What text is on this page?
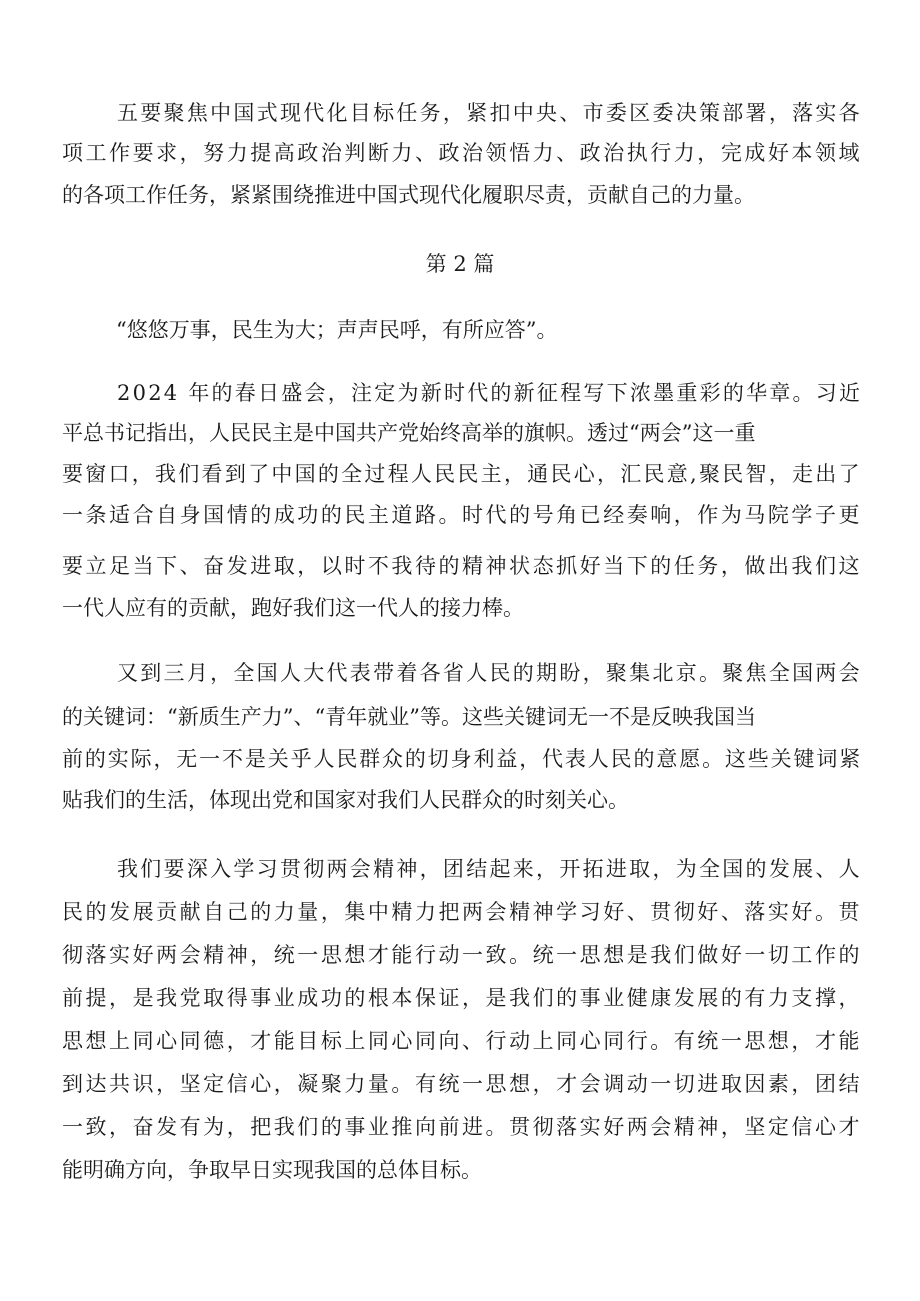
五要聚焦中国式现代化目标任务，紧扣中央、市委区委决策部署，落实各
项工作要求，努力提高政治判断力、政治领悟力、政治执行力，完成好本领域
的各项工作任务，紧紧围绕推进中国式现代化履职尽责，贡献自己的力量。
第 2 篇
“悠悠万事，民生为大；声声民呼，有所应答”。
2024 年的春日盛会，注定为新时代的新征程写下浓墨重彩的华章。习近
平总书记指出，人民民主是中国共产党始终高举的旗帜。透过“两会”这一重
要窗口，我们看到了中国的全过程人民民主，通民心，汇民意,聚民智，走出了
一条适合自身国情的成功的民主道路。时代的号角已经奏响，作为马院学子更
要立足当下、奋发进取，以时不我待的精神状态抓好当下的任务，做出我们这
一代人应有的贡献，跑好我们这一代人的接力棒。
又到三月，全国人大代表带着各省人民的期盼，聚集北京。聚焦全国两会
的关键词：“新质生产力”、“青年就业”等。这些关键词无一不是反映我国当
前的实际，无一不是关乎人民群众的切身利益，代表人民的意愿。这些关键词紧
贴我们的生活，体现出党和国家对我们人民群众的时刻关心。
我们要深入学习贯彻两会精神，团结起来，开拓进取，为全国的发展、人
民的发展贡献自己的力量，集中精力把两会精神学习好、贯彻好、落实好。贯
彻落实好两会精神，统一思想才能行动一致。统一思想是我们做好一切工作的
前提，是我党取得事业成功的根本保证，是我们的事业健康发展的有力支撑，
思想上同心同德，才能目标上同心同向、行动上同心同行。有统一思想，才能
到达共识，坚定信心，凝聚力量。有统一思想，才会调动一切进取因素，团结
一致，奋发有为，把我们的事业推向前进。贯彻落实好两会精神，坚定信心才
能明确方向，争取早日实现我国的总体目标。
